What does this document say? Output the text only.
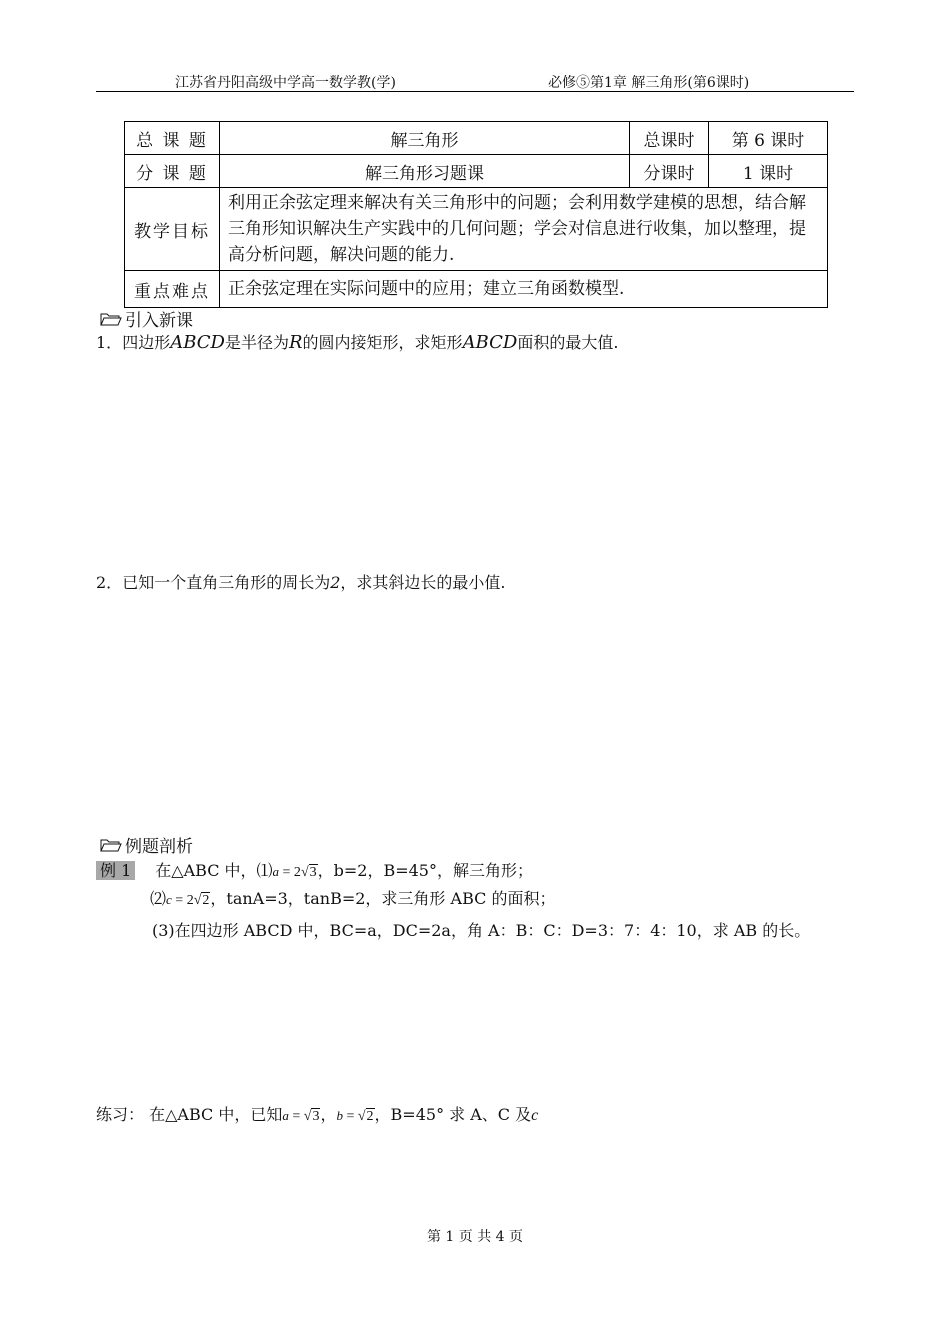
江苏省丹阳高级中学高一数学教(学)	必修⑤第1章 解三角形(第6课时)
总 课 题	解三角形	总课时	第 6 课时
分 课 题	解三角形习题课	分课时	1 课时
教学目标	利用正余弦定理来解决有关三角形中的问题；会利用数学建模的思想，结合解三角形知识解决生产实践中的几何问题；学会对信息进行收集，加以整理，提高分析问题，解决问题的能力.		
重点难点	正余弦定理在实际问题中的应用；建立三角函数模型.		
引入新课
1．四边形ABCD是半径为R的圆内接矩形，求矩形ABCD面积的最大值.
2．已知一个直角三角形的周长为2，求其斜边长的最小值.
例题剖析
例 1 在△ABC 中，⑴a = 2√3，b=2，B=45°，解三角形；
⑵c = 2√2，tanA=3，tanB=2，求三角形 ABC 的面积；
(3)在四边形 ABCD 中，BC=a，DC=2a，角 A：B：C：D=3：7：4：10，求 AB 的长。
练习： 在△ABC 中，已知a = √3，b = √2，B=45° 求 A、C 及c
第 1 页 共 4 页
